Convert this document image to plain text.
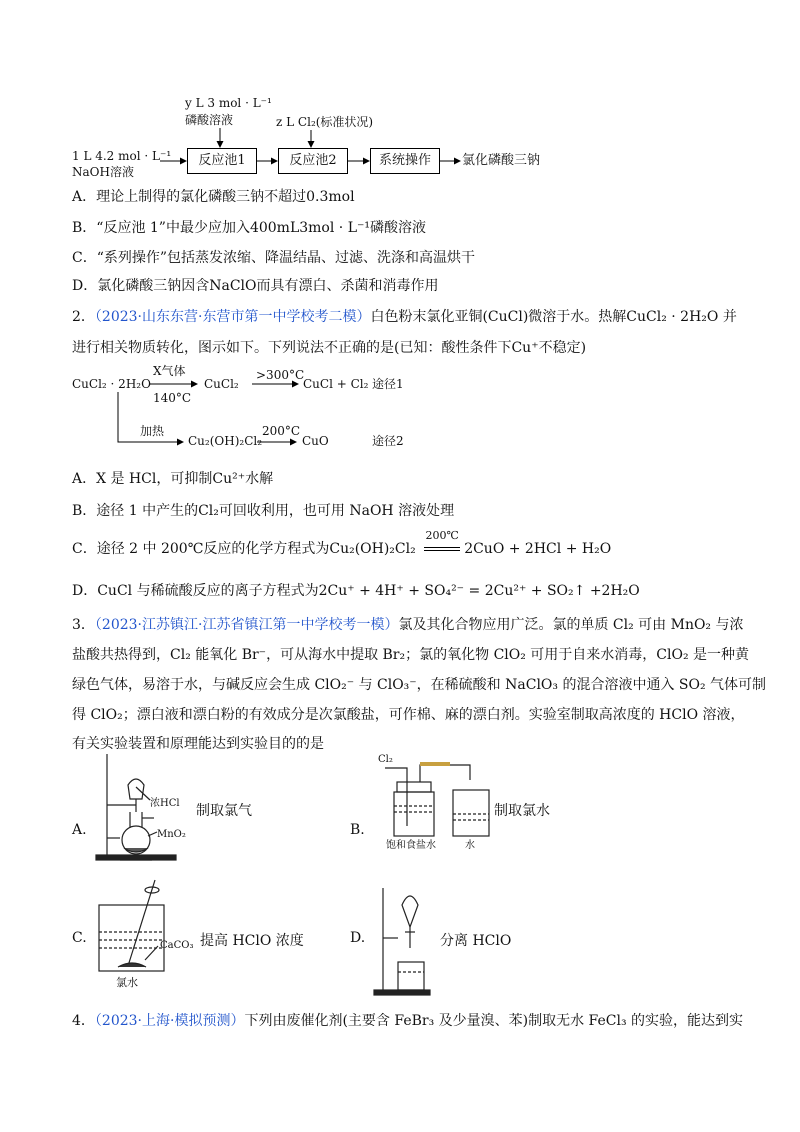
y L 3 mol · L⁻¹
磷酸溶液	z L Cl₂(标准状况)
1 L 4.2 mol · L⁻¹
NaOH溶液
反应池1	反应池2	系统操作	氯化磷酸三钠
A．理论上制得的氯化磷酸三钠不超过0.3mol
B．“反应池 1”中最少应加入400mL3mol · L⁻¹磷酸溶液
C．“系列操作”包括蒸发浓缩、降温结晶、过滤、洗涤和高温烘干
D．氯化磷酸三钠因含NaClO而具有漂白、杀菌和消毒作用
2．（2023·山东东营·东营市第一中学校考二模）白色粉末氯化亚铜(CuCl)微溶于水。热解CuCl₂ · 2H₂O 并
进行相关物质转化，图示如下。下列说法不正确的是(已知：酸性条件下Cu⁺不稳定)
CuCl₂ · 2H₂O
X气体
140°C
CuCl₂
>300°C
CuCl + Cl₂ 途径1
加热
Cu₂(OH)₂Cl₂
200°C
CuO	途径2
A．X 是 HCl，可抑制Cu²⁺水解
B．途径 1 中产生的Cl₂可回收利用，也可用 NaOH 溶液处理
C．途径 2 中 200℃反应的化学方程式为Cu₂(OH)₂Cl₂
200℃
2CuO + 2HCl + H₂O
D．CuCl 与稀硫酸反应的离子方程式为2Cu⁺ + 4H⁺ + SO₄²⁻ = 2Cu²⁺ + SO₂↑ +2H₂O
3．（2023·江苏镇江·江苏省镇江第一中学校考一模）氯及其化合物应用广泛。氯的单质 Cl₂ 可由 MnO₂ 与浓
盐酸共热得到，Cl₂ 能氧化 Br⁻，可从海水中提取 Br₂；氯的氧化物 ClO₂ 可用于自来水消毒，ClO₂ 是一种黄
绿色气体，易溶于水，与碱反应会生成 ClO₂⁻ 与 ClO₃⁻，在稀硫酸和 NaClO₃ 的混合溶液中通入 SO₂ 气体可制
得 ClO₂；漂白液和漂白粉的有效成分是次氯酸盐，可作棉、麻的漂白剂。实验室制取高浓度的 HClO 溶液，
有关实验装置和原理能达到实验目的的是
A.
制取氯气
浓HCl
MnO₂	B.
制取氯水
Cl₂
饱和食盐水	水
C.	提高 HClO 浓度
CaCO₃
氯水
D.	分离 HClO
4．（2023·上海·模拟预测）下列由废催化剂(主要含 FeBr₃ 及少量溴、苯)制取无水 FeCl₃ 的实验，能达到实
